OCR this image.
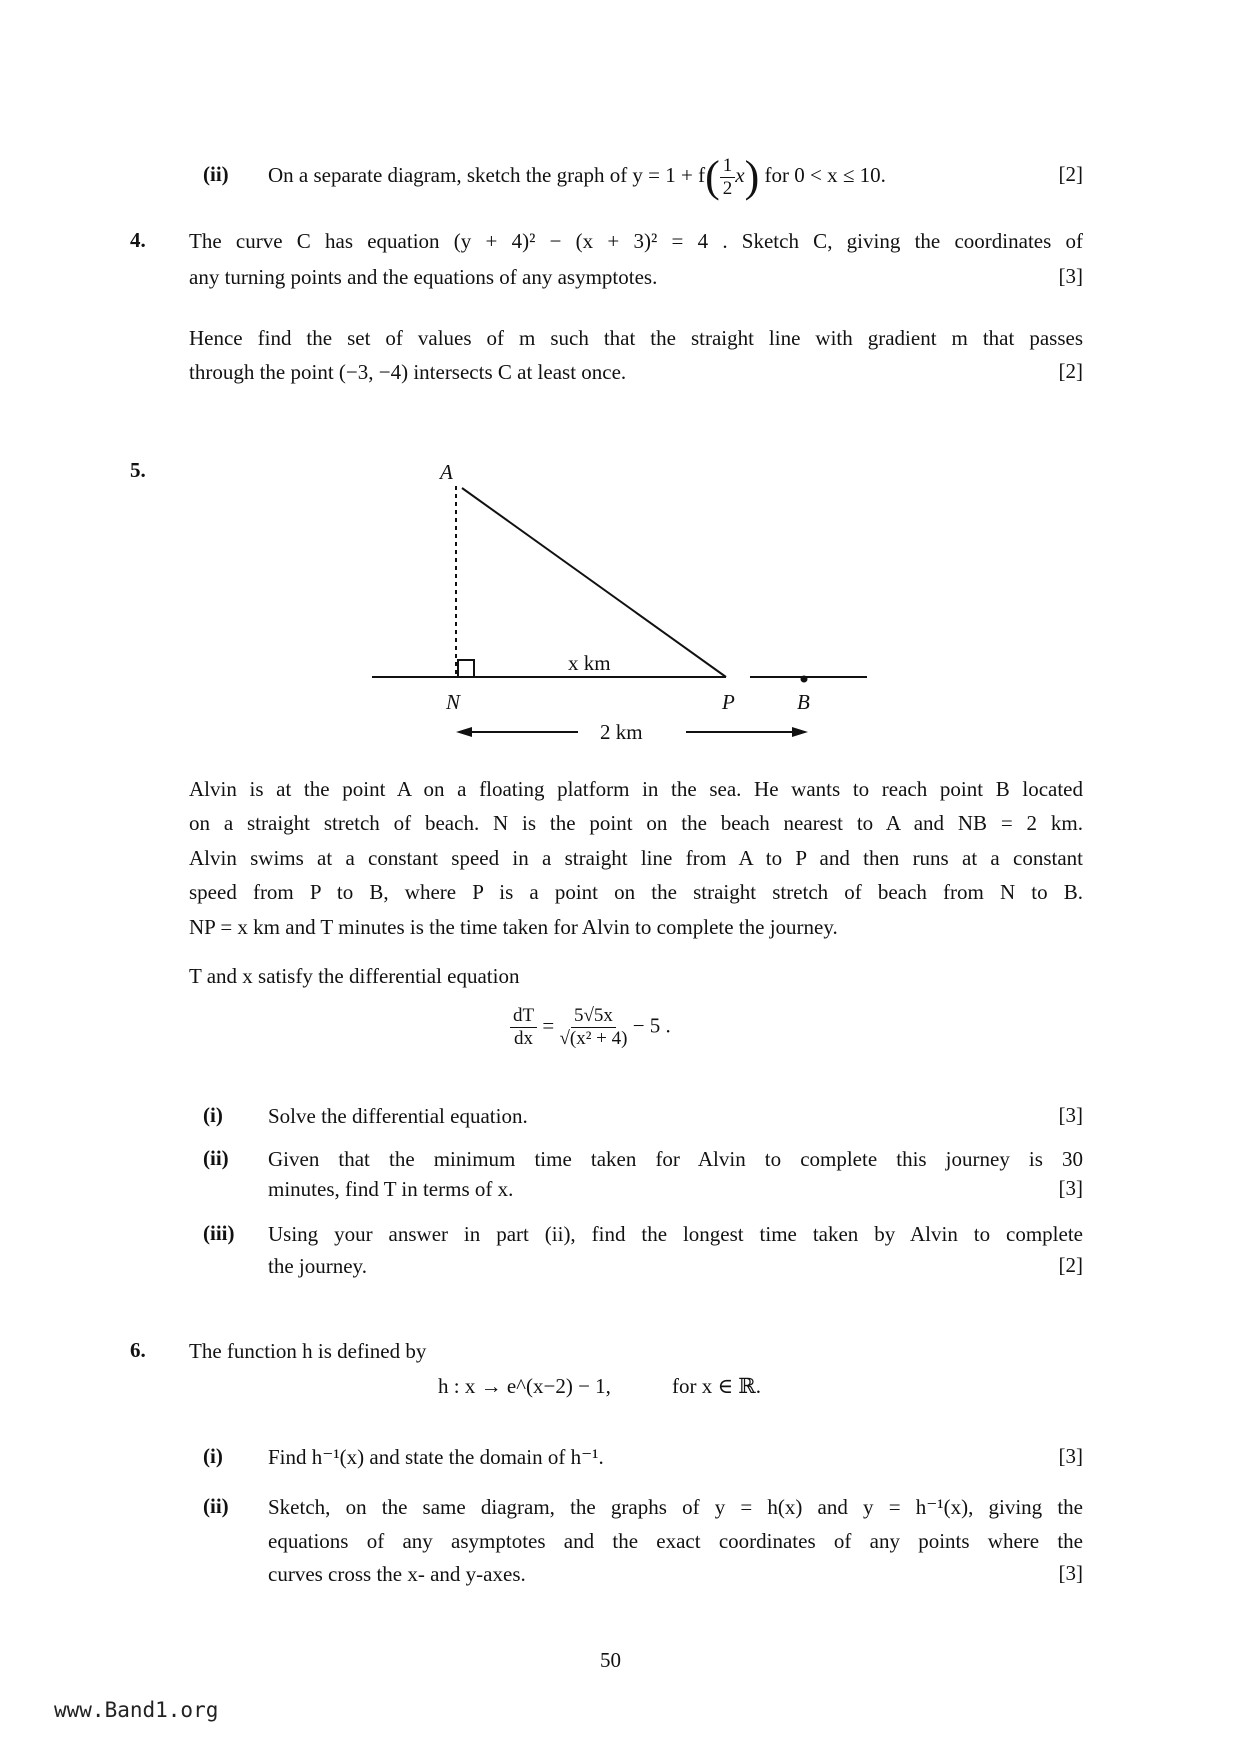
(ii) On a separate diagram, sketch the graph of $y = 1 + f( \frac{1}{2} x)$ for 0 < x ≤ 10.	[2]
4. The curve C has equation (y + 4)² − (x + 3)² = 4 . Sketch C, giving the coordinates of
any turning points and the equations of any asymptotes.	[3]
Hence find the set of values of m such that the straight line with gradient m that passes
through the point (−3, −4) intersects C at least once.	[2]
5.	A
N	P	B
x km
2 km
Alvin is at the point A on a floating platform in the sea. He wants to reach point B located
on a straight stretch of beach. N is the point on the beach nearest to A and NB = 2 km.
Alvin swims at a constant speed in a straight line from A to P and then runs at a constant
speed from P to B, where P is a point on the straight stretch of beach from N to B.
NP = x km and T minutes is the time taken for Alvin to complete the journey.
T and x satisfy the differential equation
$\frac{dT}{dx} = \frac{5√5x}{\text{√(x² + 4)}} - 5$ .
(i) Solve the differential equation.	[3]
(ii) Given that the minimum time taken for Alvin to complete this journey is 30
minutes, find T in terms of x.	[3]
(iii) Using your answer in part (ii), find the longest time taken by Alvin to complete
the journey.	[2]
6. The function h is defined by
h : x → e^(x−2) − 1,	for x ∈ ℝ.
(i) Find h⁻¹(x) and state the domain of h⁻¹.	[3]
(ii) Sketch, on the same diagram, the graphs of y = h(x) and y = h⁻¹(x), giving the
equations of any asymptotes and the exact coordinates of any points where the
curves cross the x- and y-axes.	[3]
50
www.Band1.org
